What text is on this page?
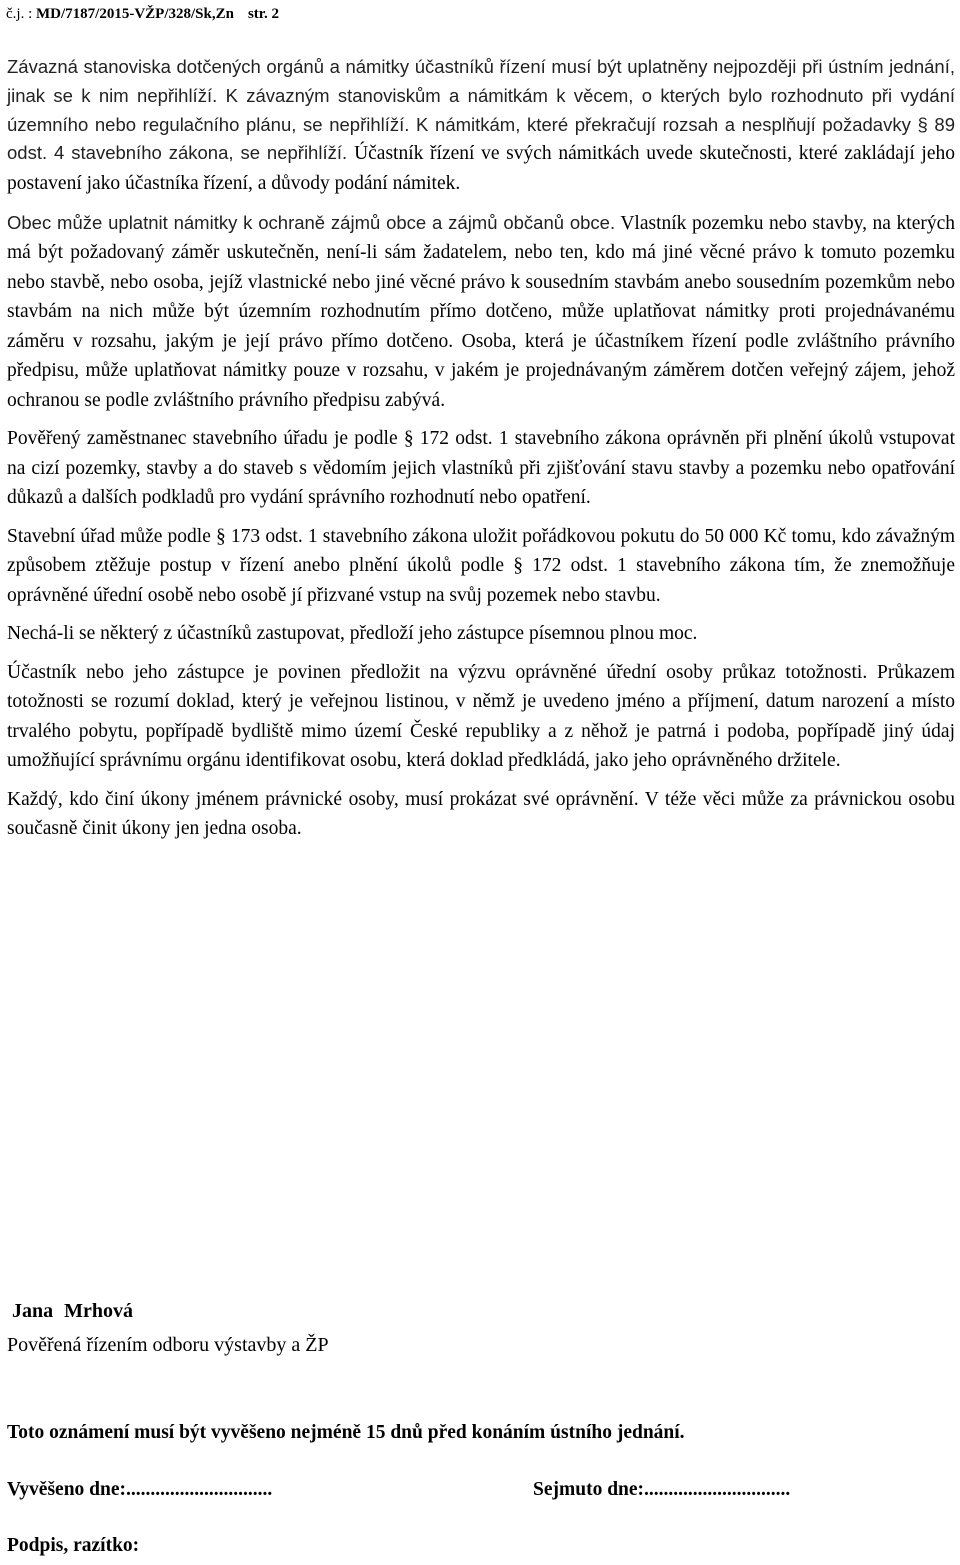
č.j. : MD/7187/2015-VŽP/328/Sk,Zn str. 2

Závazná stanoviska dotčených orgánů a námitky účastníků řízení musí být uplatněny nejpozději při ústním jednání, jinak se k nim nepřihlíží. K závazným stanoviskům a námitkám k věcem, o kterých bylo rozhodnuto při vydání územního nebo regulačního plánu, se nepřihlíží. K námitkám, které překračují rozsah a nesplňují požadavky § 89 odst. 4 stavebního zákona, se nepřihlíží. Účastník řízení ve svých námitkách uvede skutečnosti, které zakládají jeho postavení jako účastníka řízení, a důvody podání námitek.

Obec může uplatnit námitky k ochraně zájmů obce a zájmů občanů obce. Vlastník pozemku nebo stavby, na kterých má být požadovaný záměr uskutečněn, není-li sám žadatelem, nebo ten, kdo má jiné věcné právo k tomuto pozemku nebo stavbě, nebo osoba, jejíž vlastnické nebo jiné věcné právo k sousedním stavbám anebo sousedním pozemkům nebo stavbám na nich může být územním rozhodnutím přímo dotčeno, může uplatňovat námitky proti projednávanému záměru v rozsahu, jakým je její právo přímo dotčeno. Osoba, která je účastníkem řízení podle zvláštního právního předpisu, může uplatňovat námitky pouze v rozsahu, v jakém je projednávaným záměrem dotčen veřejný zájem, jehož ochranou se podle zvláštního právního předpisu zabývá.

Pověřený zaměstnanec stavebního úřadu je podle § 172 odst. 1 stavebního zákona oprávněn při plnění úkolů vstupovat na cizí pozemky, stavby a do staveb s vědomím jejich vlastníků při zjišťování stavu stavby a pozemku nebo opatřování důkazů a dalších podkladů pro vydání správního rozhodnutí nebo opatření.

Stavební úřad může podle § 173 odst. 1 stavebního zákona uložit pořádkovou pokutu do 50 000 Kč tomu, kdo závažným způsobem ztěžuje postup v řízení anebo plnění úkolů podle § 172 odst. 1 stavebního zákona tím, že znemožňuje oprávněné úřední osobě nebo osobě jí přizvané vstup na svůj pozemek nebo stavbu.

Nechá-li se některý z účastníků zastupovat, předloží jeho zástupce písemnou plnou moc.

Účastník nebo jeho zástupce je povinen předložit na výzvu oprávněné úřední osoby průkaz totožnosti. Průkazem totožnosti se rozumí doklad, který je veřejnou listinou, v němž je uvedeno jméno a příjmení, datum narození a místo trvalého pobytu, popřípadě bydliště mimo území České republiky a z něhož je patrná i podoba, popřípadě jiný údaj umožňující správnímu orgánu identifikovat osobu, která doklad předkládá, jako jeho oprávněného držitele.

Každý, kdo činí úkony jménem právnické osoby, musí prokázat své oprávnění. V téže věci může za právnickou osobu současně činit úkony jen jedna osoba.

Jana Mrhová
Pověřená řízením odboru výstavby a ŽP
Toto oznámení musí být vyvěšeno nejméně 15 dnů před konáním ústního jednání.
Vyvěšeno dne:..............................	Sejmuto dne:..............................
Podpis, razítko:
